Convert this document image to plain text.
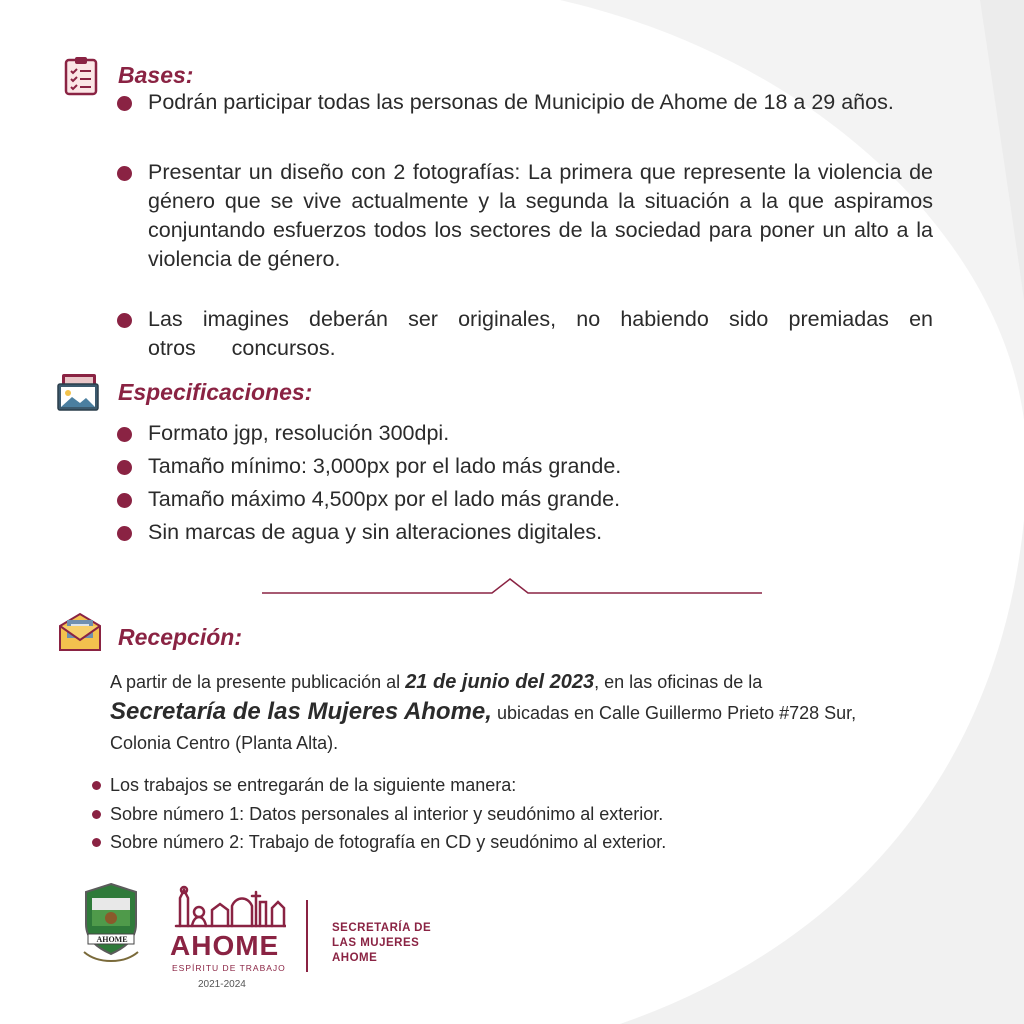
Bases:
Podrán participar todas las personas de Municipio de Ahome de 18 a 29 años.
Presentar un diseño con 2 fotografías: La primera que represente la violencia de género que se vive actualmente y la segunda la situación a la que aspiramos conjuntando esfuerzos todos los sectores de la sociedad para poner un alto a la violencia de género.
Las imagines deberán ser originales, no habiendo sido premiadas en otros      concursos.
Especificaciones:
Formato jgp, resolución 300dpi.
Tamaño mínimo: 3,000px por el lado más grande.
Tamaño máximo 4,500px por el lado más grande.
Sin marcas de agua y sin alteraciones digitales.
Recepción:

A partir de la presente publicación al 21 de junio del 2023, en las oficinas de la
Secretaría de las Mujeres Ahome, ubicadas en Calle Guillermo Prieto #728 Sur,
Colonia Centro (Planta Alta).

Los trabajos se entregarán de la siguiente manera:
Sobre número 1: Datos personales al interior y seudónimo al exterior.
Sobre número 2: Trabajo de fotografía en CD y seudónimo al exterior.
AHOME AHOME
ESPÍRITU DE TRABAJO
2021-2024
SECRETARÍA DE
LAS MUJERES
AHOME
